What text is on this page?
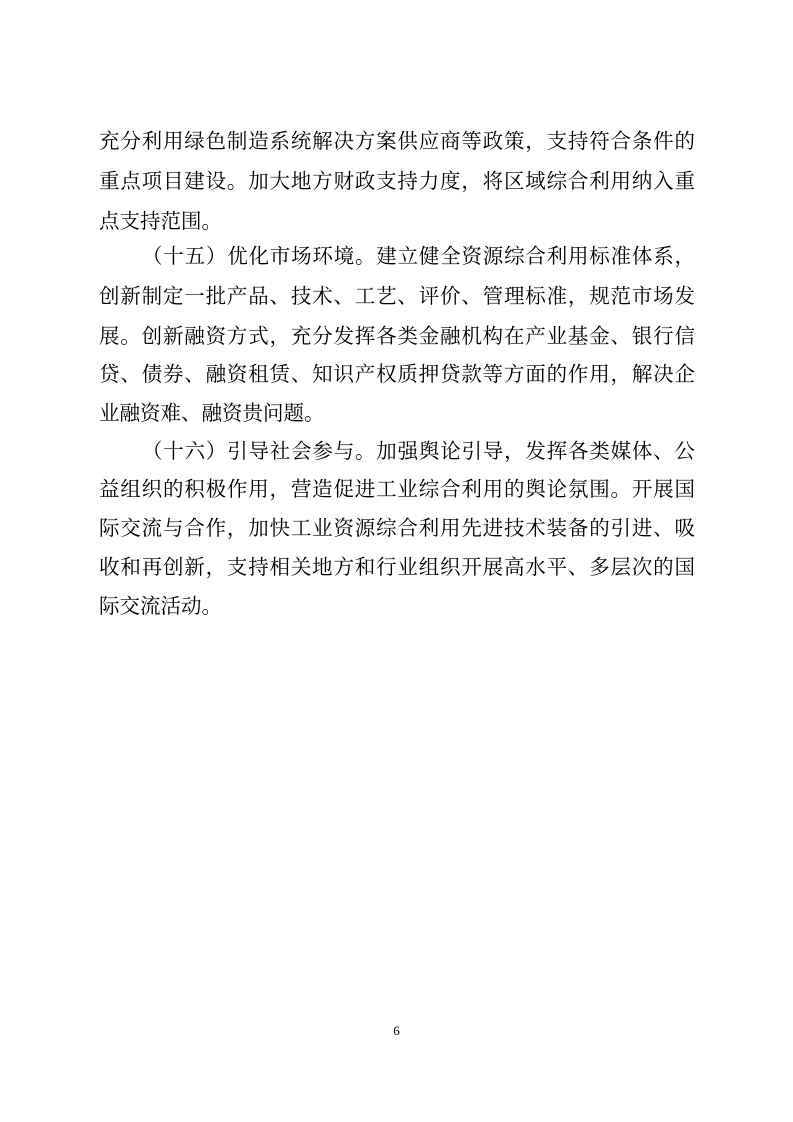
充分利用绿色制造系统解决方案供应商等政策，支持符合条件的
重点项目建设。加大地方财政支持力度，将区域综合利用纳入重
点支持范围。
（十五）优化市场环境。建立健全资源综合利用标准体系，
创新制定一批产品、技术、工艺、评价、管理标准，规范市场发
展。创新融资方式，充分发挥各类金融机构在产业基金、银行信
贷、债券、融资租赁、知识产权质押贷款等方面的作用，解决企
业融资难、融资贵问题。
（十六）引导社会参与。加强舆论引导，发挥各类媒体、公
益组织的积极作用，营造促进工业综合利用的舆论氛围。开展国
际交流与合作，加快工业资源综合利用先进技术装备的引进、吸
收和再创新，支持相关地方和行业组织开展高水平、多层次的国
际交流活动。
6
